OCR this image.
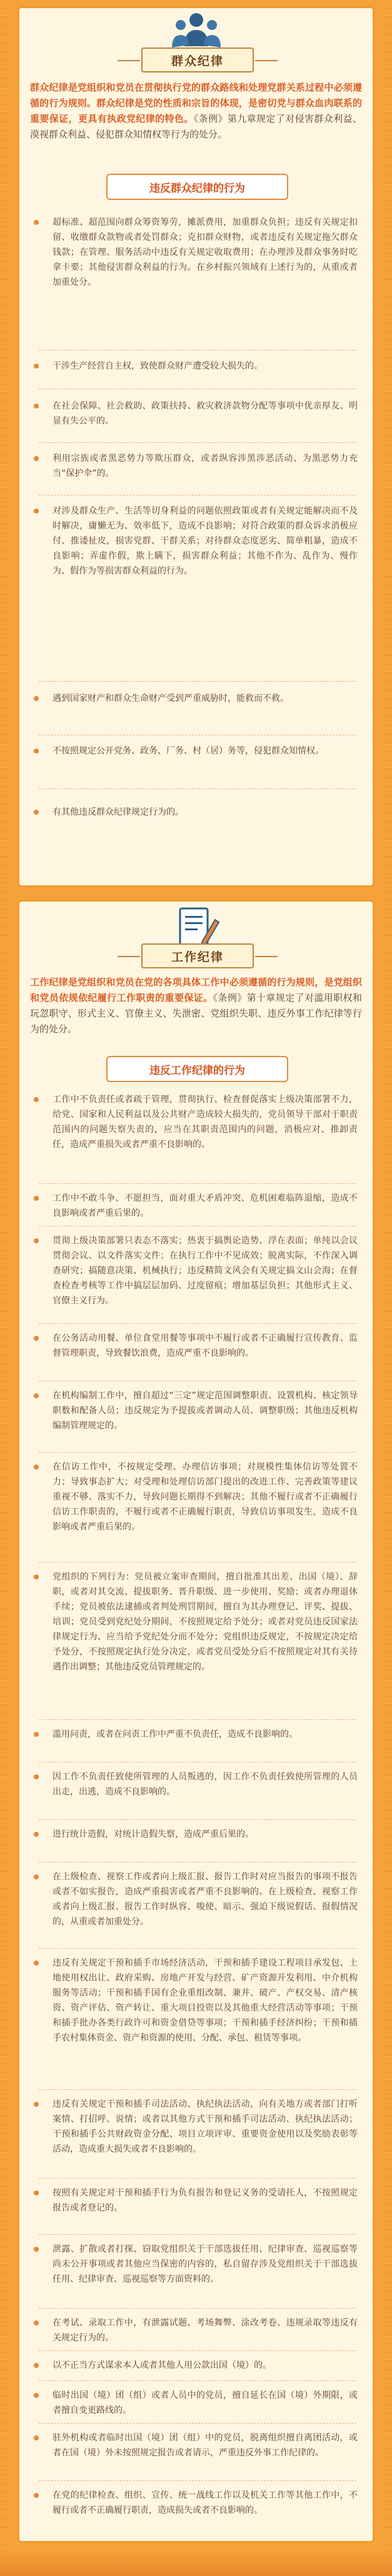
群众纪律
群众纪律是党组织和党员在贯彻执行党的群众路线和处理党群关系过程中必须遵循的行为规则。群众纪律是党的性质和宗旨的体现，是密切党与群众血肉联系的重要保证，更具有执政党纪律的特色。《条例》第九章规定了对侵害群众利益、漠视群众利益、侵犯群众知情权等行为的处分。
违反群众纪律的行为
超标准、超范围向群众筹资筹劳，摊派费用，加重群众负担；违反有关规定扣留、收缴群众款物或者处罚群众；克扣群众财物，或者违反有关规定拖欠群众钱款；在管理、服务活动中违反有关规定收取费用；在办理涉及群众事务时吃拿卡要；其他侵害群众利益的行为。在乡村振兴领域有上述行为的，从重或者加重处分。
干涉生产经营自主权，致使群众财产遭受较大损失的。
在社会保障、社会救助、政策扶持、救灾救济款物分配等事项中优亲厚友、明显有失公平的。
利用宗族或者黑恶势力等欺压群众，或者纵容涉黑涉恶活动、为黑恶势力充当“保护伞”的。
对涉及群众生产、生活等切身利益的问题依照政策或者有关规定能解决而不及时解决，庸懒无为、效率低下，造成不良影响；对符合政策的群众诉求消极应付、推诿扯皮，损害党群、干群关系；对待群众态度恶劣、简单粗暴，造成不良影响；弄虚作假，欺上瞒下，损害群众利益；其他不作为、乱作为、慢作为、假作为等损害群众利益的行为。
遇到国家财产和群众生命财产受到严重威胁时，能救而不救。
不按照规定公开党务、政务、厂务、村（居）务等，侵犯群众知情权。
有其他违反群众纪律规定行为的。
工作纪律
工作纪律是党组织和党员在党的各项具体工作中必须遵循的行为规则，是党组织和党员依规依纪履行工作职责的重要保证。《条例》第十章规定了对滥用职权和玩忽职守、形式主义、官僚主义、失泄密、党组织失职、违反外事工作纪律等行为的处分。
违反工作纪律的行为
工作中不负责任或者疏于管理，贯彻执行、检查督促落实上级决策部署不力，给党、国家和人民利益以及公共财产造成较大损失的，党员领导干部对于职责范围内的问题失察失责的，应当在其职责范围内的问题，消极应对、推卸责任，造成严重损失或者严重不良影响的。
工作中不敢斗争、不愿担当，面对重大矛盾冲突、危机困难临阵退缩，造成不良影响或者严重后果的。
贯彻上级决策部署只表态不落实；热衷于搞舆论造势、浮在表面；单纯以会议贯彻会议、以文件落实文件；在执行工作中不见成效；脱离实际，不作深入调查研究；搞随意决策、机械执行；违反精简文风会有关规定搞文山会海；在督查检查考核等工作中搞层层加码、过度留痕；增加基层负担；其他形式主义、官僚主义行为。
在公务活动用餐、单位食堂用餐等事项中不履行或者不正确履行宣传教育、监督管理职责，导致餐饮浪费，造成严重不良影响的。
在机构编制工作中，擅自超过“三定”规定范围调整职责、设置机构、核定领导职数和配备人员；违反规定为予提拔或者调动人员、调整职级；其他违反机构编制管理规定的。
在信访工作中，不按规定受理、办理信访事项；对规模性集体信访等处置不力；导致事态扩大；对受理和处理信访部门提出的改进工作、完善政策等建议重视不够、落实不力，导致问题长期得不到解决；其他不履行或者不正确履行信访工作职责的，不履行或者不正确履行职责，导致信访事项发生，造成不良影响或者严重后果的。
党组织的下列行为：党员被立案审查期间，擅自批准其出差、出国（境）、辞职，或者对其交流、提拔职务、晋升职级、进一步使用、奖励；或者办理退休手续；党员被依法逮捕或者判处刑罚期间，擅自为其办理登记、评奖、提拔、培训；党员受到党纪处分期间，不按照规定给予处分；或者对党员违反国家法律规定行为、应当给予党纪处分而不处分；党组织违反规定，不按规定决定给予处分，不按照规定执行处分决定，或者党员受处分后不按照规定对其有关待遇作出调整；其他违反党员管理规定的。
滥用问责，或者在问责工作中严重不负责任，造成不良影响的。
因工作不负责任致使所管理的人员叛逃的，因工作不负责任致使所管理的人员出走，出逃，造成不良影响的。
进行统计造假，对统计造假失察，造成严重后果的。
在上级检查、视察工作或者向上级汇报、报告工作时对应当报告的事项不报告或者不如实报告，造成严重损害或者严重不良影响的。在上级检查、视察工作或者向上级汇报、报告工作时纵容、唆使、暗示、强迫下级说假话、报假情况的，从重或者加重处分。
违反有关规定干预和插手市场经济活动，干预和插手建设工程项目承发包、土地使用权出让、政府采购、房地产开发与经营、矿产资源开发利用、中介机构服务等活动；干预和插手国有企业重组改制、兼并、破产、产权交易、清产核资、资产评估、资产转让、重大项目投资以及其他重大经营活动等事项；干预和插手批办各类行政许可和资金借贷等事项；干预和插手经济纠纷；干预和插手农村集体资金、资产和资源的使用、分配、承包、租赁等事项。
违反有关规定干预和插手司法活动、执纪执法活动，向有关地方或者部门打听案情、打招呼、说情；或者以其他方式干预和插手司法活动、执纪执法活动；干预和插手公共财政资金分配、项目立项评审、重要资金使用以及奖励表彰等活动，造成重大损失或者不良影响的。
按照有关规定对干预和插手行为负有报告和登记义务的受请托人，不按照规定报告或者登记的。
泄露、扩散或者打探、窃取党组织关于干部选拔任用、纪律审查、巡视巡察等尚未公开事项或者其他应当保密的内容的，私自留存涉及党组织关于干部选拔任用、纪律审查、巡视巡察等方面资料的。
在考试、录取工作中，有泄露试题、考场舞弊、涂改考卷、违规录取等违反有关规定行为的。
以不正当方式谋求本人或者其他人用公款出国（境）的。
临时出国（境）团（组）或者人员中的党员，擅自延长在国（境）外期限，或者擅自变更路线的。
驻外机构或者临时出国（境）团（组）中的党员，脱离组织擅自离团活动，或者在国（境）外未按照规定报告或者请示，严重违反外事工作纪律的。
在党的纪律检查、组织、宣传、统一战线工作以及机关工作等其他工作中，不履行或者不正确履行职责，造成损失或者不良影响的。
